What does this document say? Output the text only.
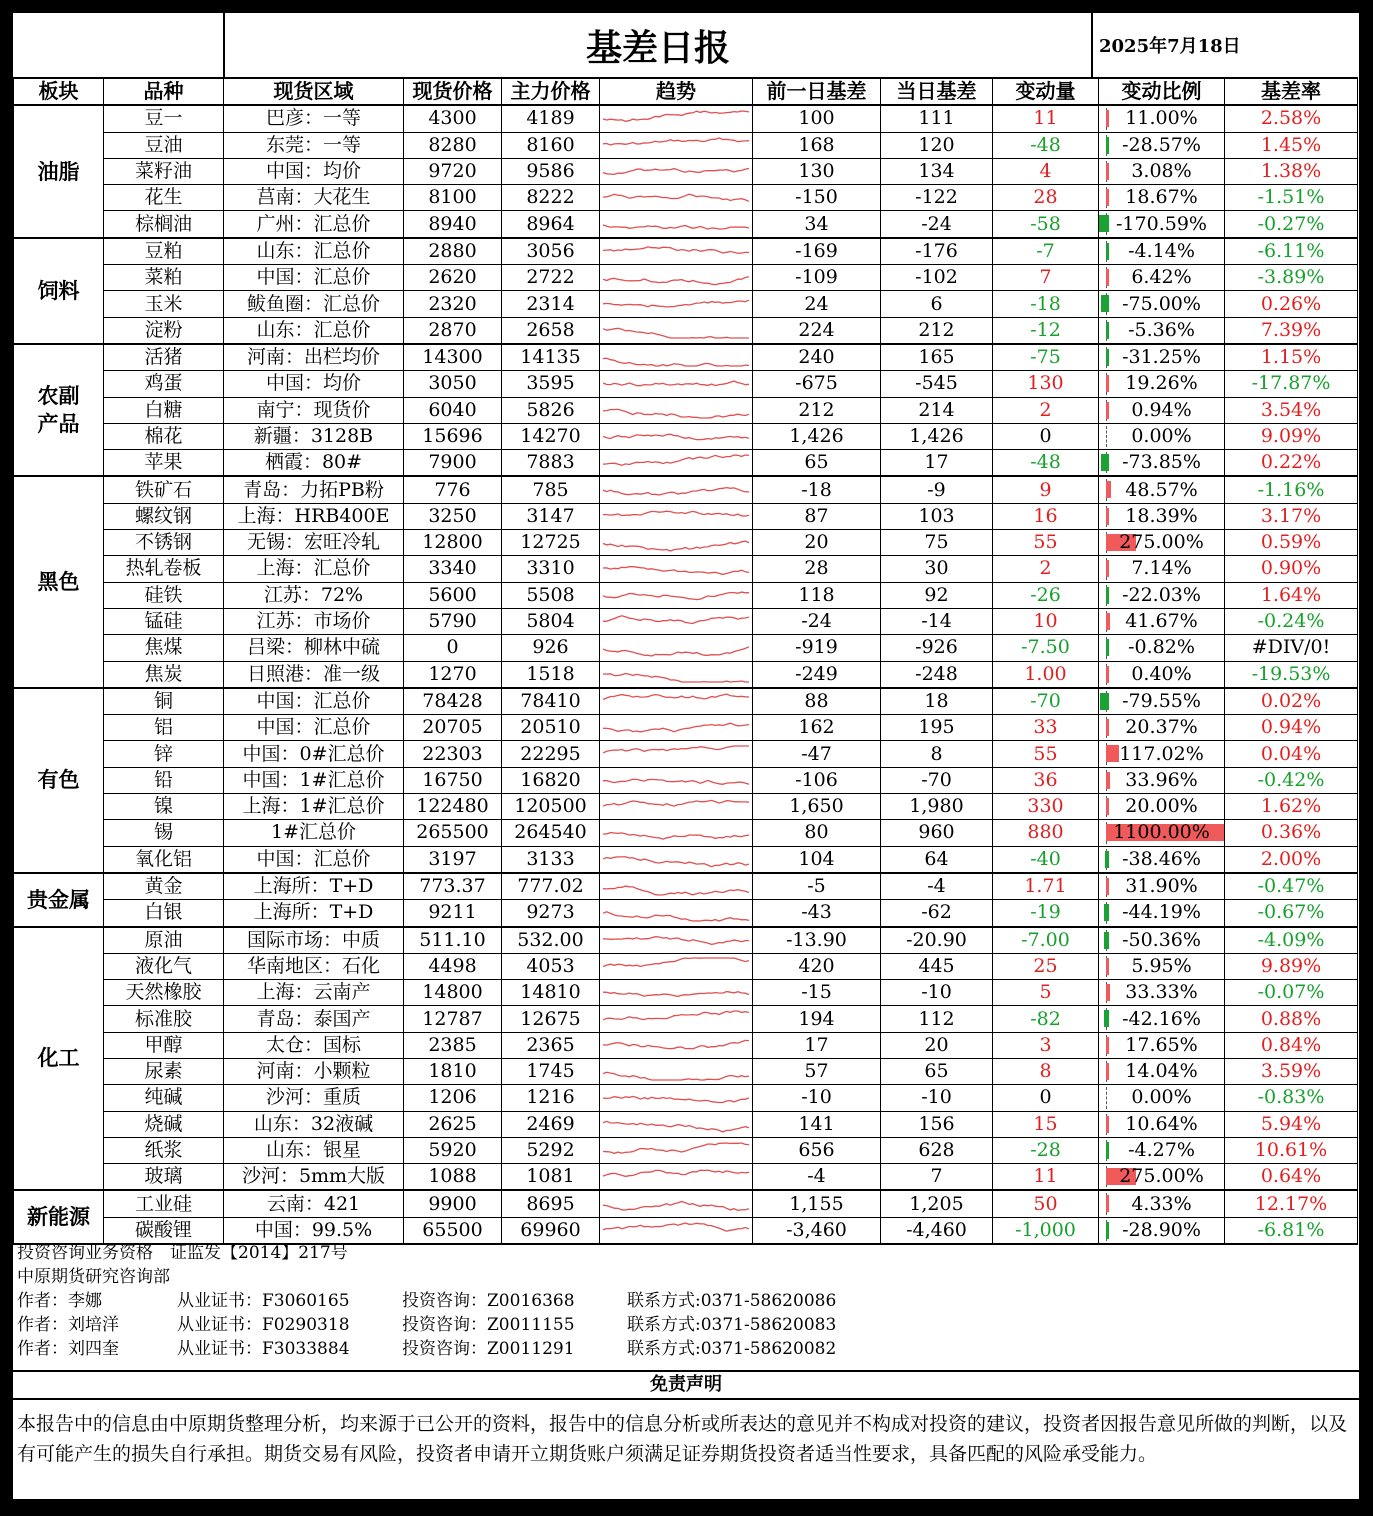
基差日报	2025年7月18日
板块	品种	现货区域	现货价格	主力价格	趋势	前一日基差	当日基差	变动量	变动比例	基差率
油脂	豆一	巴彦：一等	4300	4189		100	111	11	11.00%	2.58%
	豆油	东莞：一等	8280	8160		168	120	-48	-28.57%	1.45%
	菜籽油	中国：均价	9720	9586		130	134	4	3.08%	1.38%
	花生	莒南：大花生	8100	8222		-150	-122	28	18.67%	-1.51%
	棕榈油	广州：汇总价	8940	8964		34	-24	-58	-170.59%	-0.27%
饲料	豆粕	山东：汇总价	2880	3056		-169	-176	-7	-4.14%	-6.11%
	菜粕	中国：汇总价	2620	2722		-109	-102	7	6.42%	-3.89%
	玉米	鲅鱼圈：汇总价	2320	2314		24	6	-18	-75.00%	0.26%
	淀粉	山东：汇总价	2870	2658		224	212	-12	-5.36%	7.39%
农副产品	活猪	河南：出栏均价	14300	14135		240	165	-75	-31.25%	1.15%
	鸡蛋	中国：均价	3050	3595		-675	-545	130	19.26%	-17.87%
	白糖	南宁：现货价	6040	5826		212	214	2	0.94%	3.54%
	棉花	新疆：3128B	15696	14270		1,426	1,426	0	0.00%	9.09%
	苹果	栖霞：80#	7900	7883		65	17	-48	-73.85%	0.22%
黑色	铁矿石	青岛：力拓PB粉	776	785		-18	-9	9	48.57%	-1.16%
	螺纹钢	上海：HRB400E	3250	3147		87	103	16	18.39%	3.17%
	不锈钢	无锡：宏旺冷轧	12800	12725		20	75	55	275.00%	0.59%
	热轧卷板	上海：汇总价	3340	3310		28	30	2	7.14%	0.90%
	硅铁	江苏：72%	5600	5508		118	92	-26	-22.03%	1.64%
	锰硅	江苏：市场价	5790	5804		-24	-14	10	41.67%	-0.24%
	焦煤	吕梁：柳林中硫	0	926		-919	-926	-7.50	-0.82%	#DIV/0!
	焦炭	日照港：准一级	1270	1518		-249	-248	1.00	0.40%	-19.53%
有色	铜	中国：汇总价	78428	78410		88	18	-70	-79.55%	0.02%
	铝	中国：汇总价	20705	20510		162	195	33	20.37%	0.94%
	锌	中国：0#汇总价	22303	22295		-47	8	55	117.02%	0.04%
	铅	中国：1#汇总价	16750	16820		-106	-70	36	33.96%	-0.42%
	镍	上海：1#汇总价	122480	120500		1,650	1,980	330	20.00%	1.62%
	锡	1#汇总价	265500	264540		80	960	880	1100.00%	0.36%
	氧化铝	中国：汇总价	3197	3133		104	64	-40	-38.46%	2.00%
贵金属	黄金	上海所：T+D	773.37	777.02		-5	-4	1.71	31.90%	-0.47%
	白银	上海所：T+D	9211	9273		-43	-62	-19	-44.19%	-0.67%
化工	原油	国际市场：中质	511.10	532.00		-13.90	-20.90	-7.00	-50.36%	-4.09%
	液化气	华南地区：石化	4498	4053		420	445	25	5.95%	9.89%
	天然橡胶	上海：云南产	14800	14810		-15	-10	5	33.33%	-0.07%
	标准胶	青岛：泰国产	12787	12675		194	112	-82	-42.16%	0.88%
	甲醇	太仓：国标	2385	2365		17	20	3	17.65%	0.84%
	尿素	河南：小颗粒	1810	1745		57	65	8	14.04%	3.59%
	纯碱	沙河：重质	1206	1216		-10	-10	0	0.00%	-0.83%
	烧碱	山东：32液碱	2625	2469		141	156	15	10.64%	5.94%
	纸浆	山东：银星	5920	5292		656	628	-28	-4.27%	10.61%
	玻璃	沙河：5mm大版	1088	1081		-4	7	11	275.00%	0.64%
新能源	工业硅	云南：421	9900	8695		1,155	1,205	50	4.33%	12.17%
	碳酸锂	中国：99.5%	65500	69960		-3,460	-4,460	-1,000	-28.90%	-6.81%
投资咨询业务资格　证监发【2014】217号
中原期货研究咨询部
作者：李娜	从业证书：F3060165	投资咨询：Z0016368	联系方式:0371-58620086
作者：刘培洋	从业证书：F0290318	投资咨询：Z0011155	联系方式:0371-58620083
作者：刘四奎	从业证书：F3033884	投资咨询：Z0011291	联系方式:0371-58620082
免责声明
本报告中的信息由中原期货整理分析，均来源于已公开的资料，报告中的信息分析或所表达的意见并不构成对投资的建议，投资者因报告意见所做的判断，以及有可能产生的损失自行承担。期货交易有风险，投资者申请开立期货账户须满足证券期货投资者适当性要求，具备匹配的风险承受能力。
